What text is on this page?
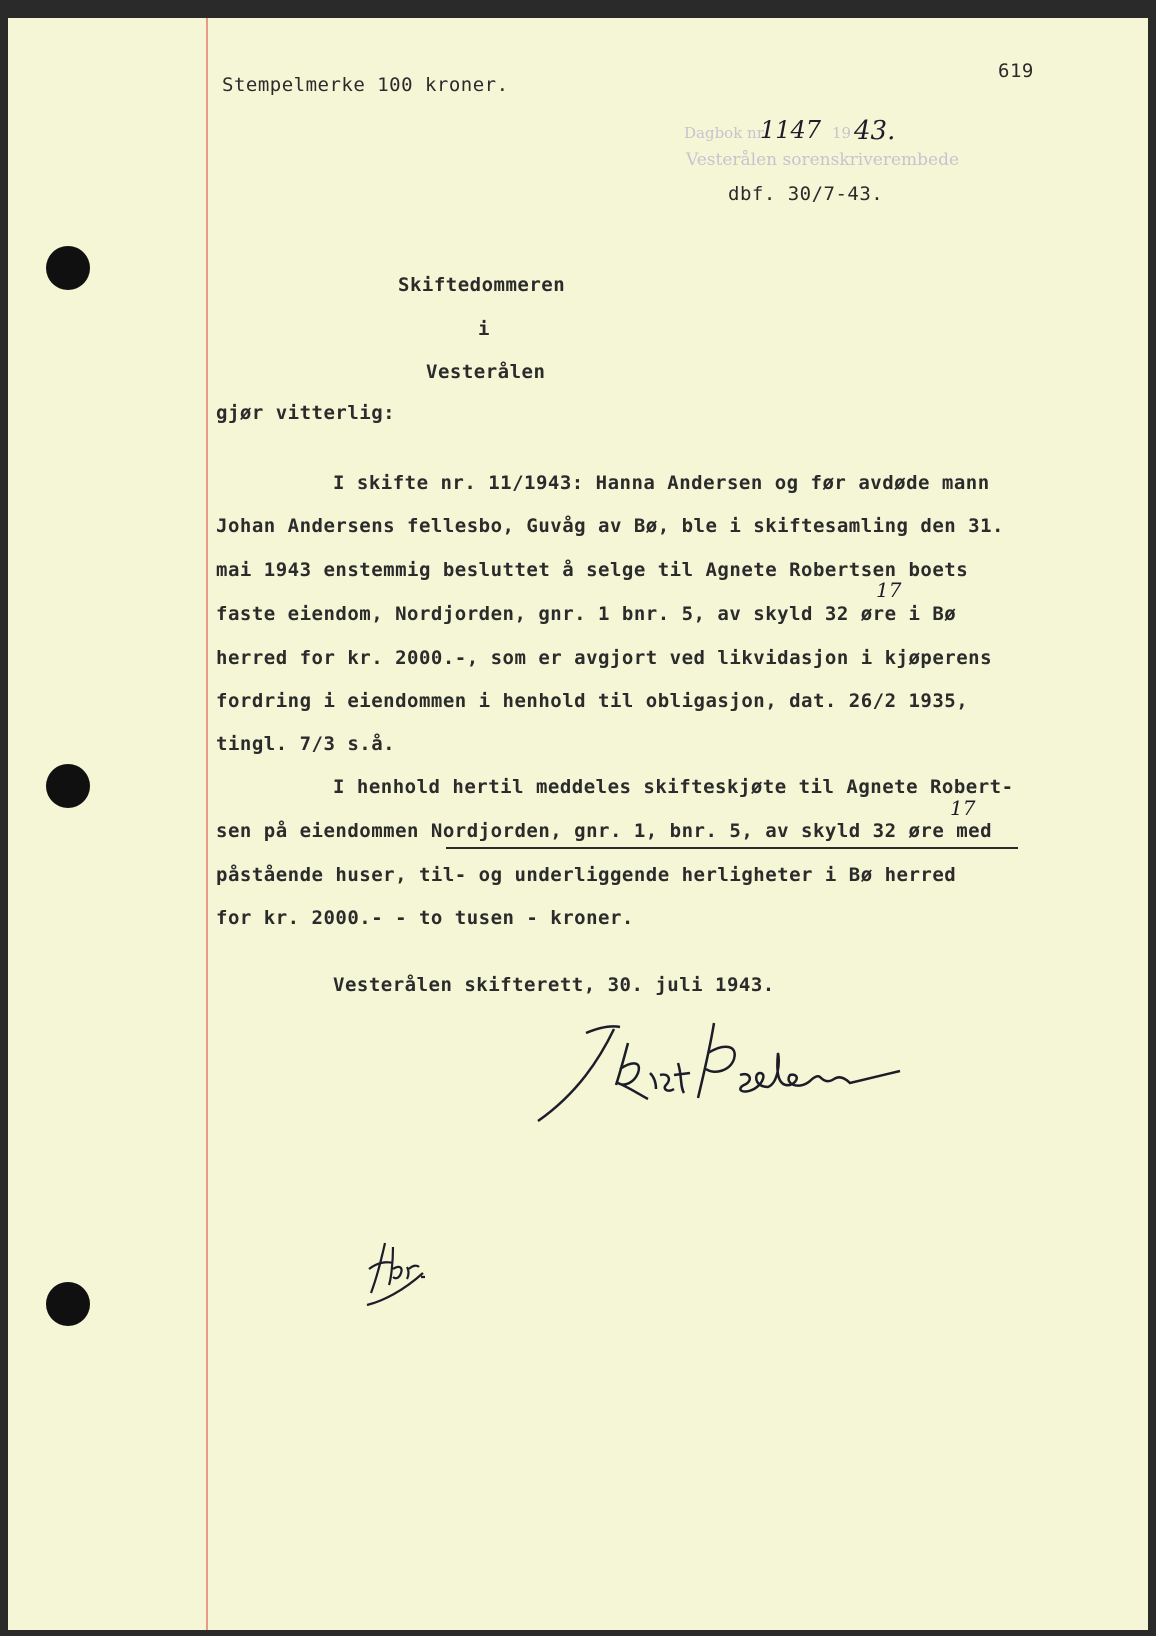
Stempelmerke 100 kroner.
619
Dagbok nr.
1147 19 43.
Vesterålen sorenskriverembede
dbf. 30/7-43.
Skiftedommeren
i
Vesterålen
gjør vitterlig:
I skifte nr. 11/1943: Hanna Andersen og før avdøde mann
Johan Andersens fellesbo, Guvåg av Bø, ble i skiftesamling den 31.
mai 1943 enstemmig besluttet å selge til Agnete Robertsen boets
faste eiendom, Nordjorden, gnr. 1 bnr. 5, av skyld 32 øre i Bø
17
herred for kr. 2000.-, som er avgjort ved likvidasjon i kjøperens
fordring i eiendommen i henhold til obligasjon, dat. 26/2 1935,
tingl. 7/3 s.å.
I henhold hertil meddeles skifteskjøte til Agnete Robert-
sen på eiendommen Nordjorden, gnr. 1, bnr. 5, av skyld 32 øre med
17
påstående huser, til- og underliggende herligheter i Bø herred
for kr. 2000.- - to tusen - kroner.
Vesterålen skifterett, 30. juli 1943.
